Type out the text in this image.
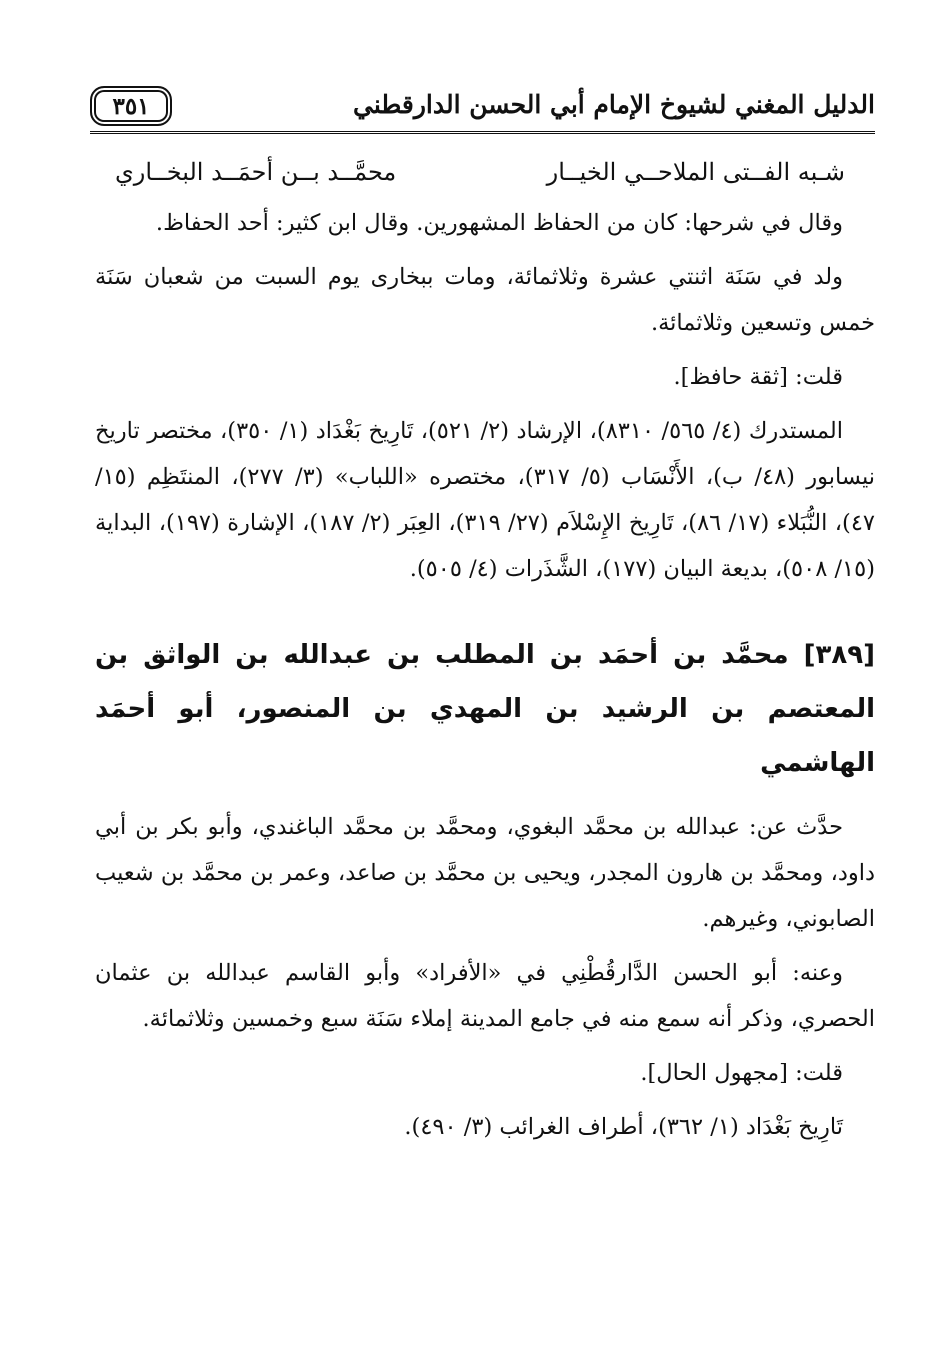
الدليل المغني لشيوخ الإمام أبي الحسن الدارقطني
٣٥١
شـبه الفــتى الملاحــي الخيــار
محمَّــد بــن أحمَــد البخــاري

وقال في شرحها: كان من الحفاظ المشهورين. وقال ابن كثير: أحد الحفاظ.

ولد في سَنَة اثنتي عشرة وثلاثمائة، ومات ببخارى يوم السبت من شعبان سَنَة خمس وتسعين وثلاثمائة.

قلت: [ثقة حافظ].

المستدرك (٤/ ٥٦٥/ ٨٣١٠)، الإرشاد (٢/ ٥٢١)، تَارِيخ بَغْدَاد (١/ ٣٥٠)، مختصر تاريخ نيسابور (٤٨/ ب)، الأَنْسَاب (٥/ ٣١٧)، مختصره «اللباب» (٣/ ٢٧٧)، المنتَظِم (١٥/ ٤٧)، النُّبَلاء (١٧/ ٨٦)، تَارِيخ الإِسْلاَم (٢٧/ ٣١٩)، العِبَر (٢/ ١٨٧)، الإشارة (١٩٧)، البداية (١٥/ ٥٠٨)، بديعة البيان (١٧٧)، الشَّذَرات (٤/ ٥٠٥).

[٣٨٩] محمَّد بن أحمَد بن المطلب بن عبدالله بن الواثق بن المعتصم بن الرشيد بن المهدي بن المنصور، أبو أحمَد الهاشمي

حدَّث عن: عبدالله بن محمَّد البغوي، ومحمَّد بن محمَّد الباغندي، وأبو بكر بن أبي داود، ومحمَّد بن هارون المجدر، ويحيى بن محمَّد بن صاعد، وعمر بن محمَّد بن شعيب الصابوني، وغيرهم.

وعنه: أبو الحسن الدَّارقُطْنِي في «الأفراد» وأبو القاسم عبدالله بن عثمان الحصري، وذكر أنه سمع منه في جامع المدينة إملاء سَنَة سبع وخمسين وثلاثمائة.

قلت: [مجهول الحال].

تَارِيخ بَغْدَاد (١/ ٣٦٢)، أطراف الغرائب (٣/ ٤٩٠).
